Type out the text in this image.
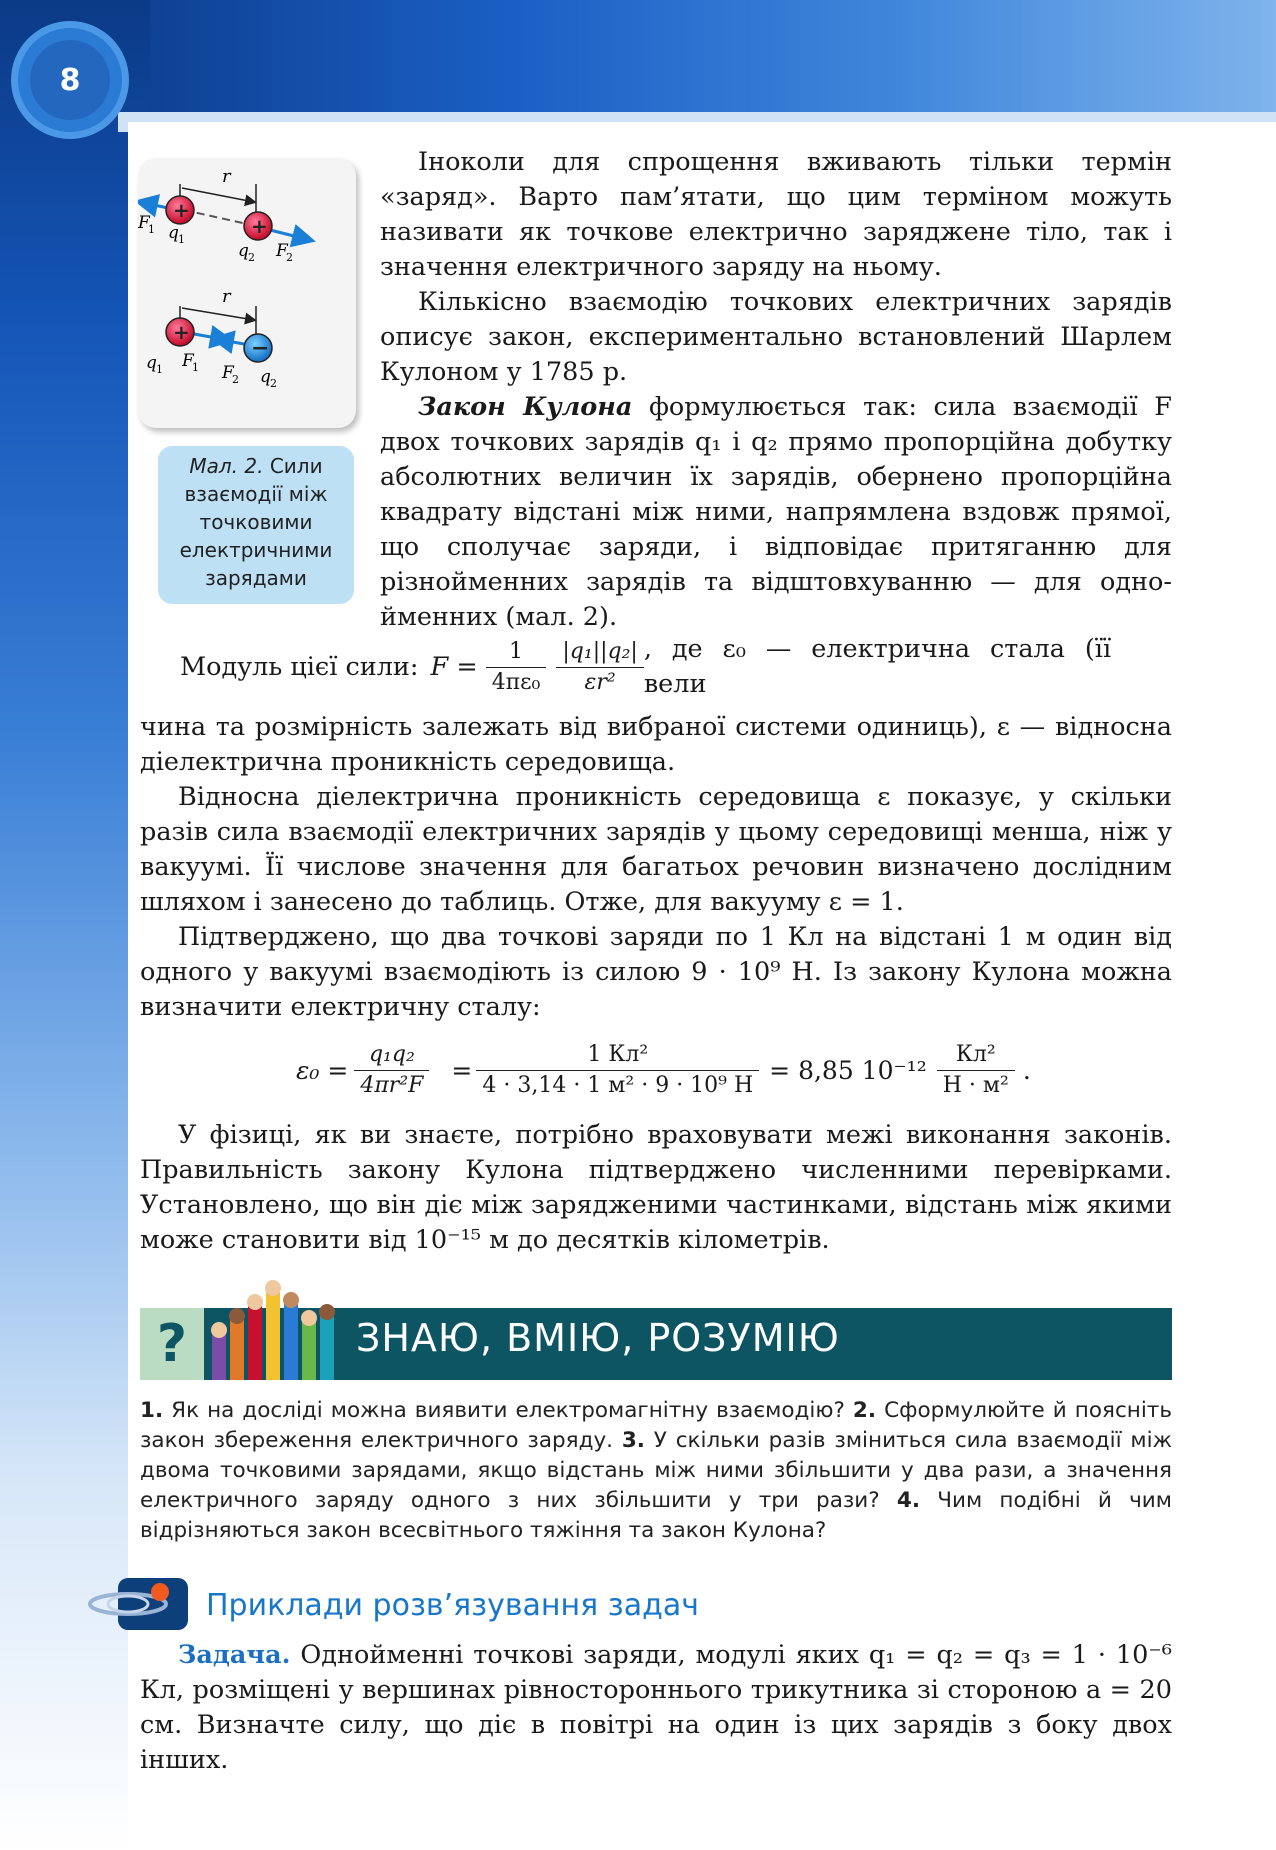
8
r
+
+
F
1 q 1
q 2 F
2
r
+
−
q 1 F
1 F
2 q 2
Мал. 2. Сили взаємодії між точковими електричними зарядами

Іноколи для спрощення вживають тільки термін «заряд». Варто пам’ятати, що цим терміном можуть називати як точкове електрично заряджене тіло, так і значення електричного заряду на ньому.

Кількісно взаємодію точкових електричних зарядів описує закон, експериментально встановлений Шарлем Кулоном у 1785 р.

Закон Кулона формулюється так: сила взаємодії F двох точкових зарядів q₁ і q₂ прямо пропорційна добутку абсолютних величин їх зарядів, обернено пропорційна квадрату відстані між ними, напрямлена вздовж прямої, що сполучає заряди, і відповідає притяганню для різнойменних зарядів та відштовхуванню — для однойменних (мал. 2).

Модуль цієї сили: $F = \frac{1}{\text{4πε₀}} \frac{\text{|q₁||q₂|}}{\text{εr²}}$ , де ε₀ — електрична стала (її вели

чина та розмірність залежать від вибраної системи одиниць), ε — відносна діелектрична проникність середовища.

Відносна діелектрична проникність середовища ε показує, у скільки разів сила взаємодії електричних зарядів у цьому середовищі менша, ніж у вакуумі. Її числове значення для багатьох речовин визначено дослідним шляхом і занесено до таблиць. Отже, для вакууму ε = 1.

Підтверджено, що два точкові заряди по 1 Кл на відстані 1 м один від одного у вакуумі взаємодіють із силою 9 · 10⁹ Н. Із закону Кулона можна визначити електричну сталу:

$\varepsilon_0 = \frac{\text{q₁q₂}}{\text{4πr²F}} = \frac{\text{1 Кл²}}{\text{4 · 3,14 · 1 м² · 9 · 10⁹ Н}} = 8,85$ $10^{-12} \frac{\text{Кл²}}{\text{Н · м²}}$ .

У фізиці, як ви знаєте, потрібно враховувати межі виконання законів. Правильність закону Кулона підтверджено численними перевірками. Установлено, що він діє між зарядженими частинками, відстань між якими може становити від 10⁻¹⁵ м до десятків кілометрів.

?	ЗНАЮ, ВМІЮ, РОЗУМІЮ
1. Як на досліді можна виявити електромагнітну взаємодію? 2. Сформулюйте й поясніть закон збереження електричного заряду. 3. У скільки разів зміниться сила взаємодії між двома точковими зарядами, якщо відстань між ними збільшити у два рази, а значення електричного заряду одного з них збільшити у три рази? 4. Чим подібні й чим відрізняються закон всесвітнього тяжіння та закон Кулона?
Приклади розв’язування задач

Задача. Однойменні точкові заряди, модулі яких q₁ = q₂ = q₃ = 1 · 10⁻⁶ Кл, розміщені у вершинах рівностороннього трикутника зі стороною a = 20 см. Визначте силу, що діє в повітрі на один із цих зарядів з боку двох інших.
